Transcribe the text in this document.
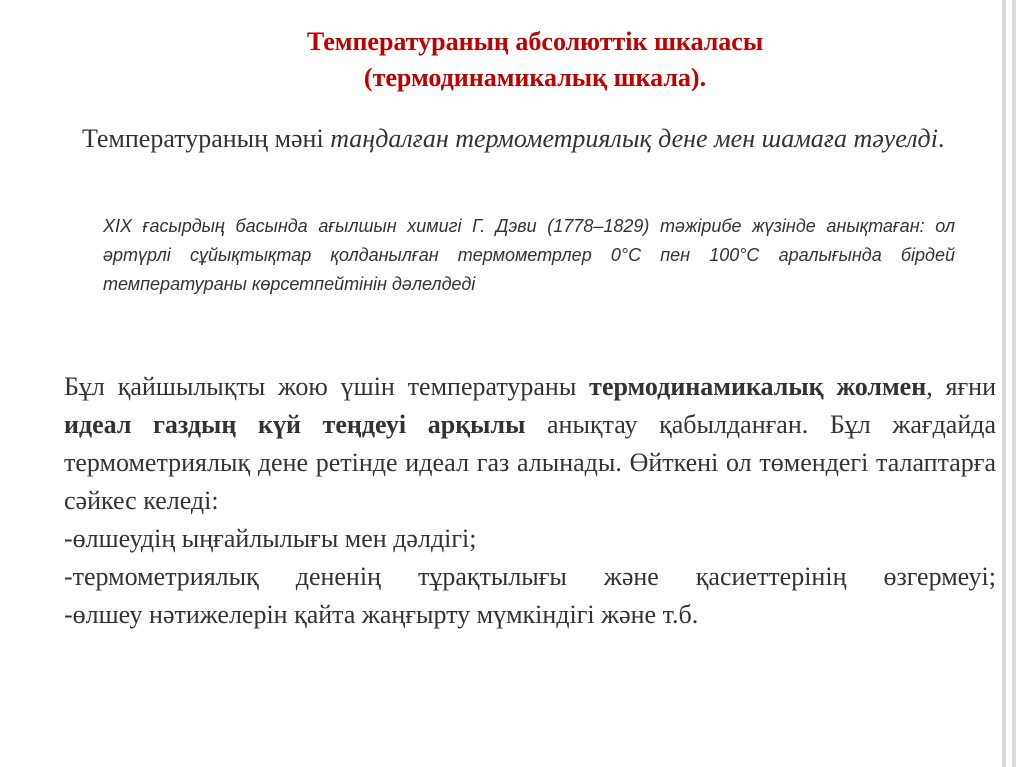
Температураның абсолюттік шкаласы
(термодинамикалық шкала).
Температураның мәні таңдалған термометриялық дене мен шамаға тәуелді.
XIX ғасырдың басында ағылшын химигі Г. Дэви (1778–1829) тәжірибе жүзінде анықтаған: ол әртүрлі сұйықтықтар қолданылған термометрлер 0°С пен 100°С аралығында бірдей температураны көрсетпейтінін дәлелдеді

Бұл қайшылықты жою үшін температураны термодинамикалық жолмен, яғни идеал газдың күй теңдеуі арқылы анықтау қабылданған. Бұл жағдайда термометриялық дене ретінде идеал газ алынады. Өйткені ол төмендегі талаптарға сәйкес келеді:

-өлшеудің ыңғайлылығы мен дәлдігі;

-термометриялық дененің тұрақтылығы және қасиеттерінің өзгермеуі;

-өлшеу нәтижелерін қайта жаңғырту мүмкіндігі және т.б.
